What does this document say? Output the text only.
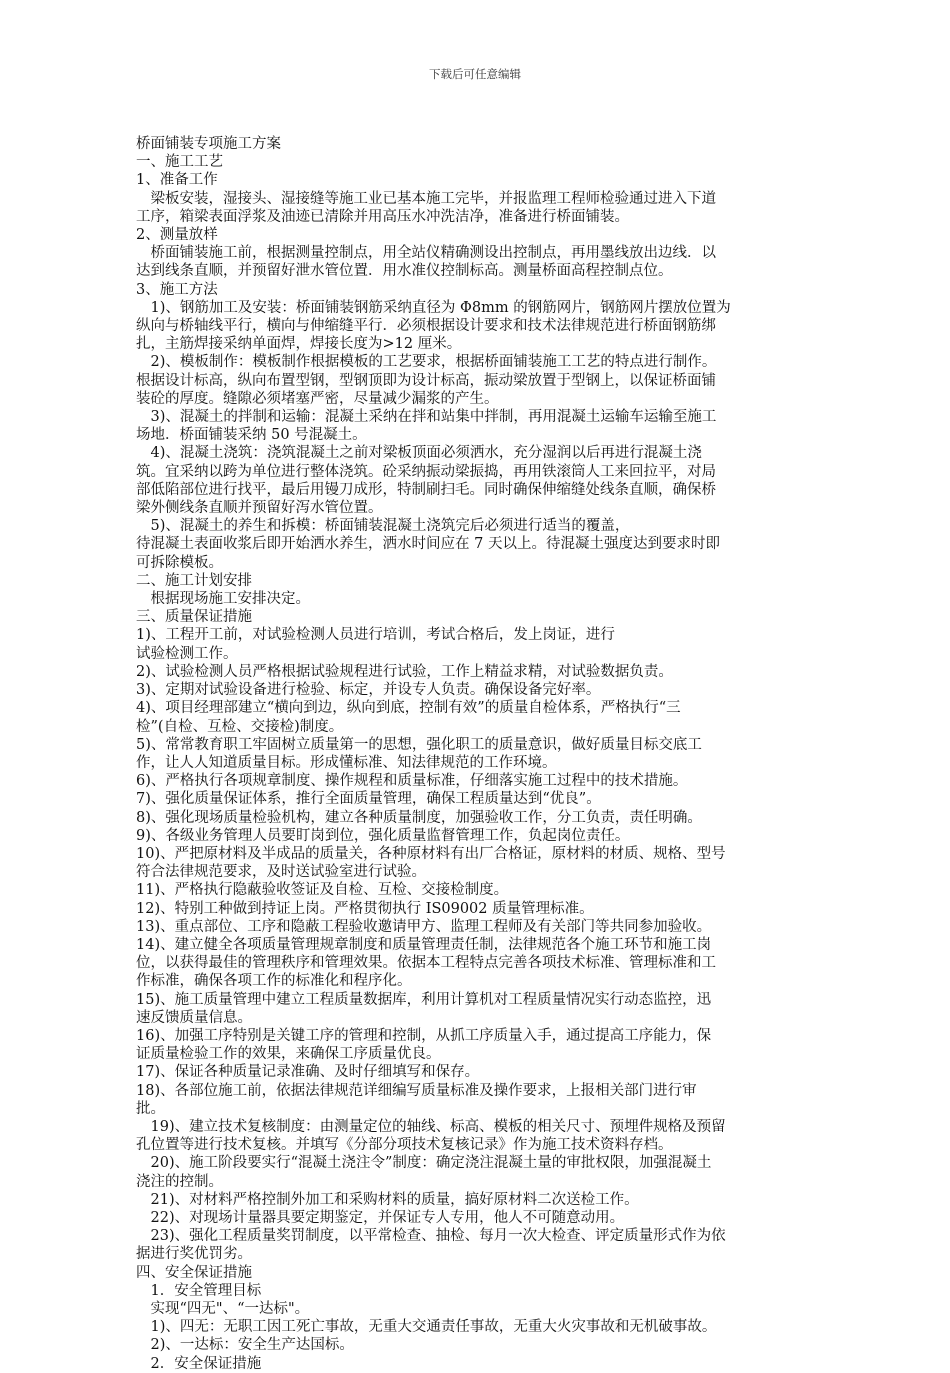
下载后可任意编辑

桥面铺装专项施工方案

一、施工工艺

1、准备工作

　梁板安装，湿接头、湿接缝等施工业已基本施工完毕，并报监理工程师检验通过进入下道

工序，箱梁表面浮浆及油迹已清除并用高压水冲洗洁净，准备进行桥面铺装。

2、测量放样

　桥面铺装施工前，根据测量控制点，用全站仪精确测设出控制点，再用墨线放出边线．以

达到线条直顺，并预留好泄水管位置．用水准仪控制标高。测量桥面高程控制点位。

3、施工方法

　1)、钢筋加工及安装：桥面铺装钢筋采纳直径为 Φ8mm 的钢筋网片，钢筋网片摆放位置为

纵向与桥轴线平行，横向与伸缩缝平行．必须根据设计要求和技术法律规范进行桥面钢筋绑

扎，主筋焊接采纳单面焊，焊接长度为>12 厘米。

　2)、模板制作：模板制作根据模板的工艺要求，根据桥面铺装施工工艺的特点进行制作。

根据设计标高，纵向布置型钢，型钢顶即为设计标高，振动梁放置于型钢上，以保证桥面铺

装砼的厚度。缝隙必须堵塞严密，尽量减少漏浆的产生。

　3)、混凝土的拌制和运输：混凝土采纳在拌和站集中拌制，再用混凝土运输车运输至施工

场地．桥面铺装采纳 50 号混凝土。

　4)、混凝土浇筑：浇筑混凝土之前对梁板顶面必须洒水，充分湿润以后再进行混凝土浇

筑。宜采纳以跨为单位进行整体浇筑。砼采纳振动梁振捣，再用铁滚筒人工来回拉平，对局

部低陷部位进行找平，最后用镘刀成形，特制刷扫毛。同时确保伸缩缝处线条直顺，确保桥

梁外侧线条直顺并预留好泻水管位置。

　5)、混凝土的养生和拆模：桥面铺装混凝土浇筑完后必须进行适当的覆盖，

待混凝土表面收浆后即开始洒水养生，洒水时间应在 7 天以上。待混凝土强度达到要求时即

可拆除模板。

二、施工计划安排

　根据现场施工安排决定。

三、质量保证措施

1)、工程开工前，对试验检测人员进行培训，考试合格后，发上岗证，进行

试验检测工作。

2)、试验检测人员严格根据试验规程进行试验，工作上精益求精，对试验数据负责。

3)、定期对试验设备进行检验、标定，并设专人负责。确保设备完好率。

4)、项目经理部建立“横向到边，纵向到底，控制有效”的质量自检体系，严格执行“三

检”(自检、互检、交接检)制度。

5)、常常教育职工牢固树立质量第一的思想，强化职工的质量意识，做好质量目标交底工

作，让人人知道质量目标。形成懂标准、知法律规范的工作环境。

6)、严格执行各项规章制度、操作规程和质量标准，仔细落实施工过程中的技术措施。

7)、强化质量保证体系，推行全面质量管理，确保工程质量达到“优良”。

8)、强化现场质量检验机构，建立各种质量制度，加强验收工作，分工负责，责任明确。

9)、各级业务管理人员要盯岗到位，强化质量监督管理工作，负起岗位责任。

10)、严把原材料及半成品的质量关，各种原材料有出厂合格证，原材料的材质、规格、型号

符合法律规范要求，及时送试验室进行试验。

11)、严格执行隐蔽验收签证及自检、互检、交接检制度。

12)、特别工种做到持证上岗。严格贯彻执行 IS09002 质量管理标准。

13)、重点部位、工序和隐蔽工程验收邀请甲方、监理工程师及有关部门等共同参加验收。

14)、建立健全各项质量管理规章制度和质量管理责任制，法律规范各个施工环节和施工岗

位，以获得最佳的管理秩序和管理效果。依据本工程特点完善各项技术标准、管理标准和工

作标准，确保各项工作的标准化和程序化。

15)、施工质量管理中建立工程质量数据库，利用计算机对工程质量情况实行动态监控，迅

速反馈质量信息。

16)、加强工序特别是关键工序的管理和控制，从抓工序质量入手，通过提高工序能力，保

证质量检验工作的效果，来确保工序质量优良。

17)、保证各种质量记录准确、及时仔细填写和保存。

18)、各部位施工前，依据法律规范详细编写质量标准及操作要求，上报相关部门进行审

批。

　19)、建立技术复核制度：由测量定位的轴线、标高、模板的相关尺寸、预埋件规格及预留

孔位置等进行技术复核。并填写《分部分项技术复核记录》作为施工技术资料存档。

　20)、施工阶段要实行“混凝土浇注令”制度：确定浇注混凝土量的审批权限，加强混凝土

浇注的控制。

　21)、对材料严格控制外加工和采购材料的质量，搞好原材料二次送检工作。

　22)、对现场计量器具要定期鉴定，并保证专人专用，他人不可随意动用。

　23)、强化工程质量奖罚制度，以平常检查、抽检、每月一次大检查、评定质量形式作为依

据进行奖优罚劣。

四、安全保证措施

　1．安全管理目标

　实现“四无"、“一达标"。

　1)、四无：无职工因工死亡事故，无重大交通责任事故，无重大火灾事故和无机破事故。

　2)、一达标：安全生产达国标。

　2．安全保证措施
